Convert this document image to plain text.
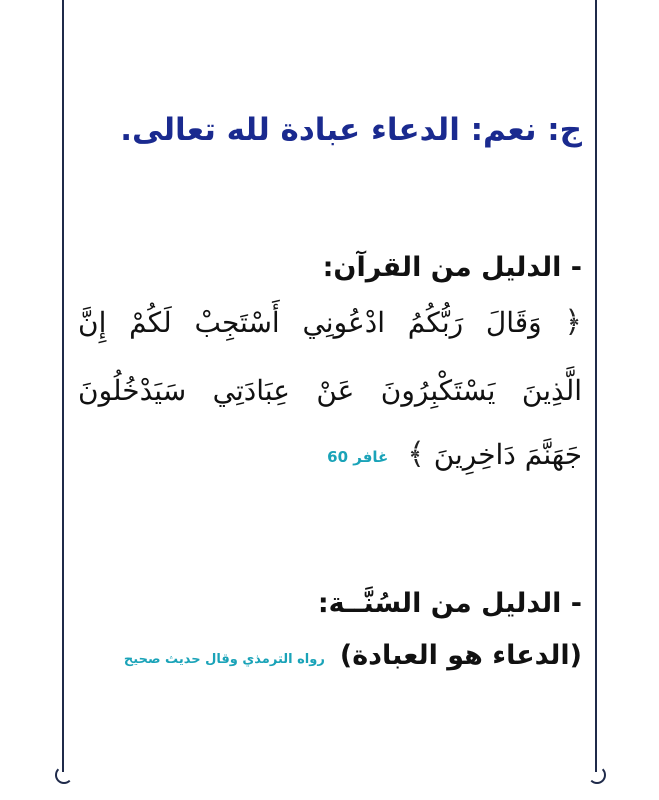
ج: نعم: الدعاء عبادة لله تعالى.
- الدليل من القرآن:
﴿ وَقَالَ رَبُّكُمُ ادْعُونِي أَسْتَجِبْ لَكُمْ إِنَّ
الَّذِينَ يَسْتَكْبِرُونَ عَنْ عِبَادَتِي سَيَدْخُلُونَ
جَهَنَّمَ دَاخِرِينَ ﴾ غافر 60
- الدليل من السُنَّــة:
(الدعاء هو العبادة) رواه الترمذي وقال حديث صحيح
